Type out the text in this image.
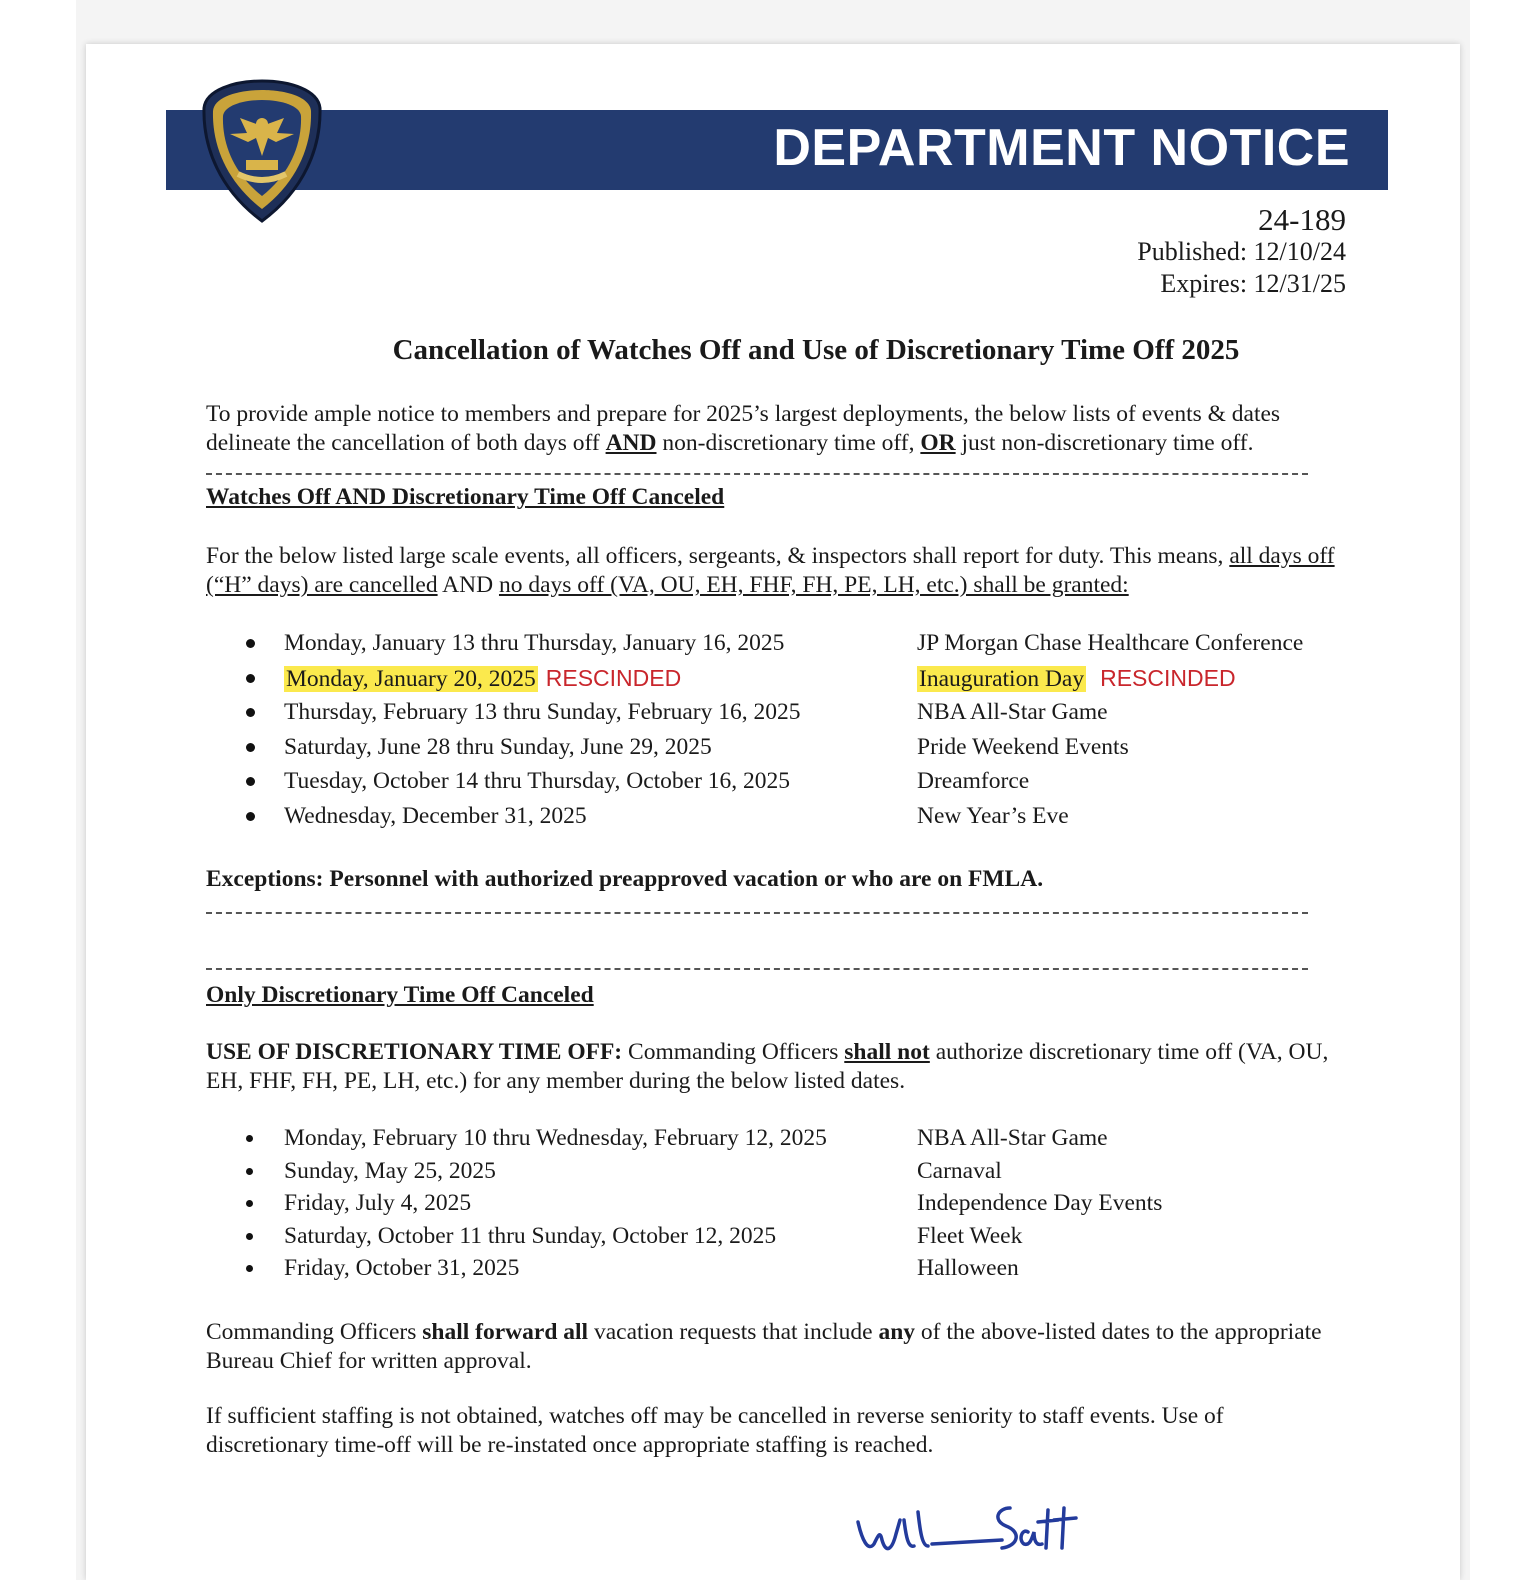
DEPARTMENT NOTICE
24-189
Published: 12/10/24
Expires: 12/31/25
Cancellation of Watches Off and Use of Discretionary Time Off 2025
To provide ample notice to members and prepare for 2025’s largest deployments, the below lists of events & dates delineate the cancellation of both days off AND non-discretionary time off, OR just non-discretionary time off.
Watches Off AND Discretionary Time Off Canceled
For the below listed large scale events, all officers, sergeants, & inspectors shall report for duty. This means, all days off (“H” days) are cancelled AND no days off (VA, OU, EH, FHF, FH, PE, LH, etc.) shall be granted:
Monday, January 13 thru Thursday, January 16, 2025	JP Morgan Chase Healthcare Conference
Monday, January 20, 2025 RESCINDED	Inauguration Day RESCINDED
Thursday, February 13 thru Sunday, February 16, 2025	NBA All-Star Game
Saturday, June 28 thru Sunday, June 29, 2025	Pride Weekend Events
Tuesday, October 14 thru Thursday, October 16, 2025	Dreamforce
Wednesday, December 31, 2025	New Year’s Eve
Exceptions: Personnel with authorized preapproved vacation or who are on FMLA.
Only Discretionary Time Off Canceled
USE OF DISCRETIONARY TIME OFF: Commanding Officers shall not authorize discretionary time off (VA, OU, EH, FHF, FH, PE, LH, etc.) for any member during the below listed dates.
Monday, February 10 thru Wednesday, February 12, 2025	NBA All-Star Game
Sunday, May 25, 2025	Carnaval
Friday, July 4, 2025	Independence Day Events
Saturday, October 11 thru Sunday, October 12, 2025	Fleet Week
Friday, October 31, 2025	Halloween
Commanding Officers shall forward all vacation requests that include any of the above-listed dates to the appropriate Bureau Chief for written approval.
If sufficient staffing is not obtained, watches off may be cancelled in reverse seniority to staff events. Use of discretionary time-off will be re-instated once appropriate staffing is reached.
